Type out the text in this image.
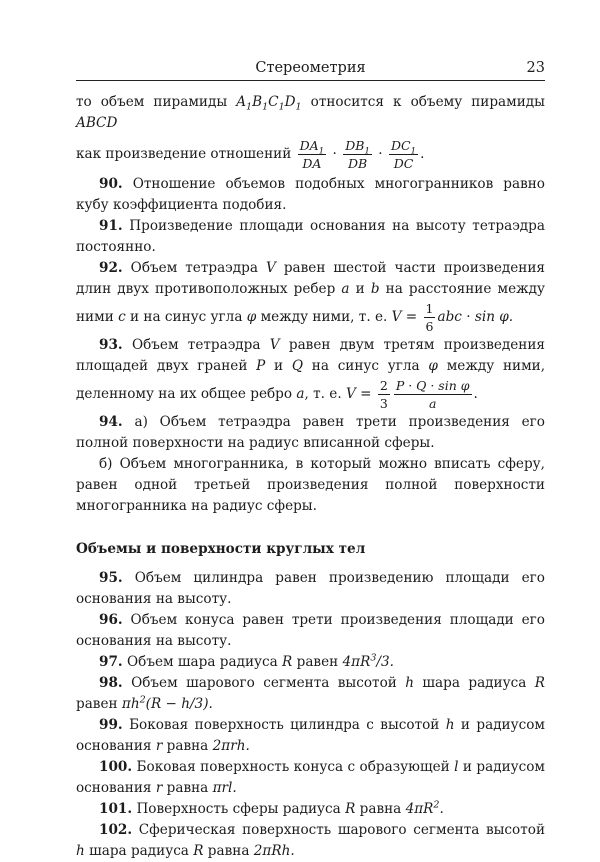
Стереометрия	23

то объем пирамиды $A_1B_1C_1D_1$ относится к объему пирамиды ABCD

как произведение отношений $\frac{DA_1}{DA} \cdot \frac{DB_1}{DB} \cdot \frac{DC_1}{DC}$ .

90. Отношение объемов подобных многогранников равно кубу коэффициента подобия.

91. Произведение площади основания на высоту тетраэдра постоянно.

92. Объем тетраэдра V равен шестой части произведения длин двух противоположных ребер a и b на расстояние между ними c и на синус угла φ между ними, т. е. $V = \frac{1}{6}$ abc · sin φ.

93. Объем тетраэдра V равен двум третям произведения площадей двух граней P и Q на синус угла φ между ними, деленному на их общее ребро a, т. е. $V = \frac{2}{3} \frac{\text{P · Q · sin φ}}{a}$ .

94. а) Объем тетраэдра равен трети произведения его полной поверхности на радиус вписанной сферы.

б) Объем многогранника, в который можно вписать сферу, равен одной третьей произведения полной поверхности многогранника на радиус сферы.

Объемы и поверхности круглых тел

95. Объем цилиндра равен произведению площади его основания на высоту.

96. Объем конуса равен трети произведения площади его основания на высоту.

97. Объем шара радиуса R равен $4\pi R^3/3$.

98. Объем шарового сегмента высотой h шара радиуса R равен $\pi h^2(R - h/3)$.

99. Боковая поверхность цилиндра с высотой h и радиусом основания r равна 2πrh.

100. Боковая поверхность конуса с образующей l и радиусом основания r равна πrl.

101. Поверхность сферы радиуса R равна $4\pi R^2$.

102. Сферическая поверхность шарового сегмента высотой h шара радиуса R равна 2πRh.
